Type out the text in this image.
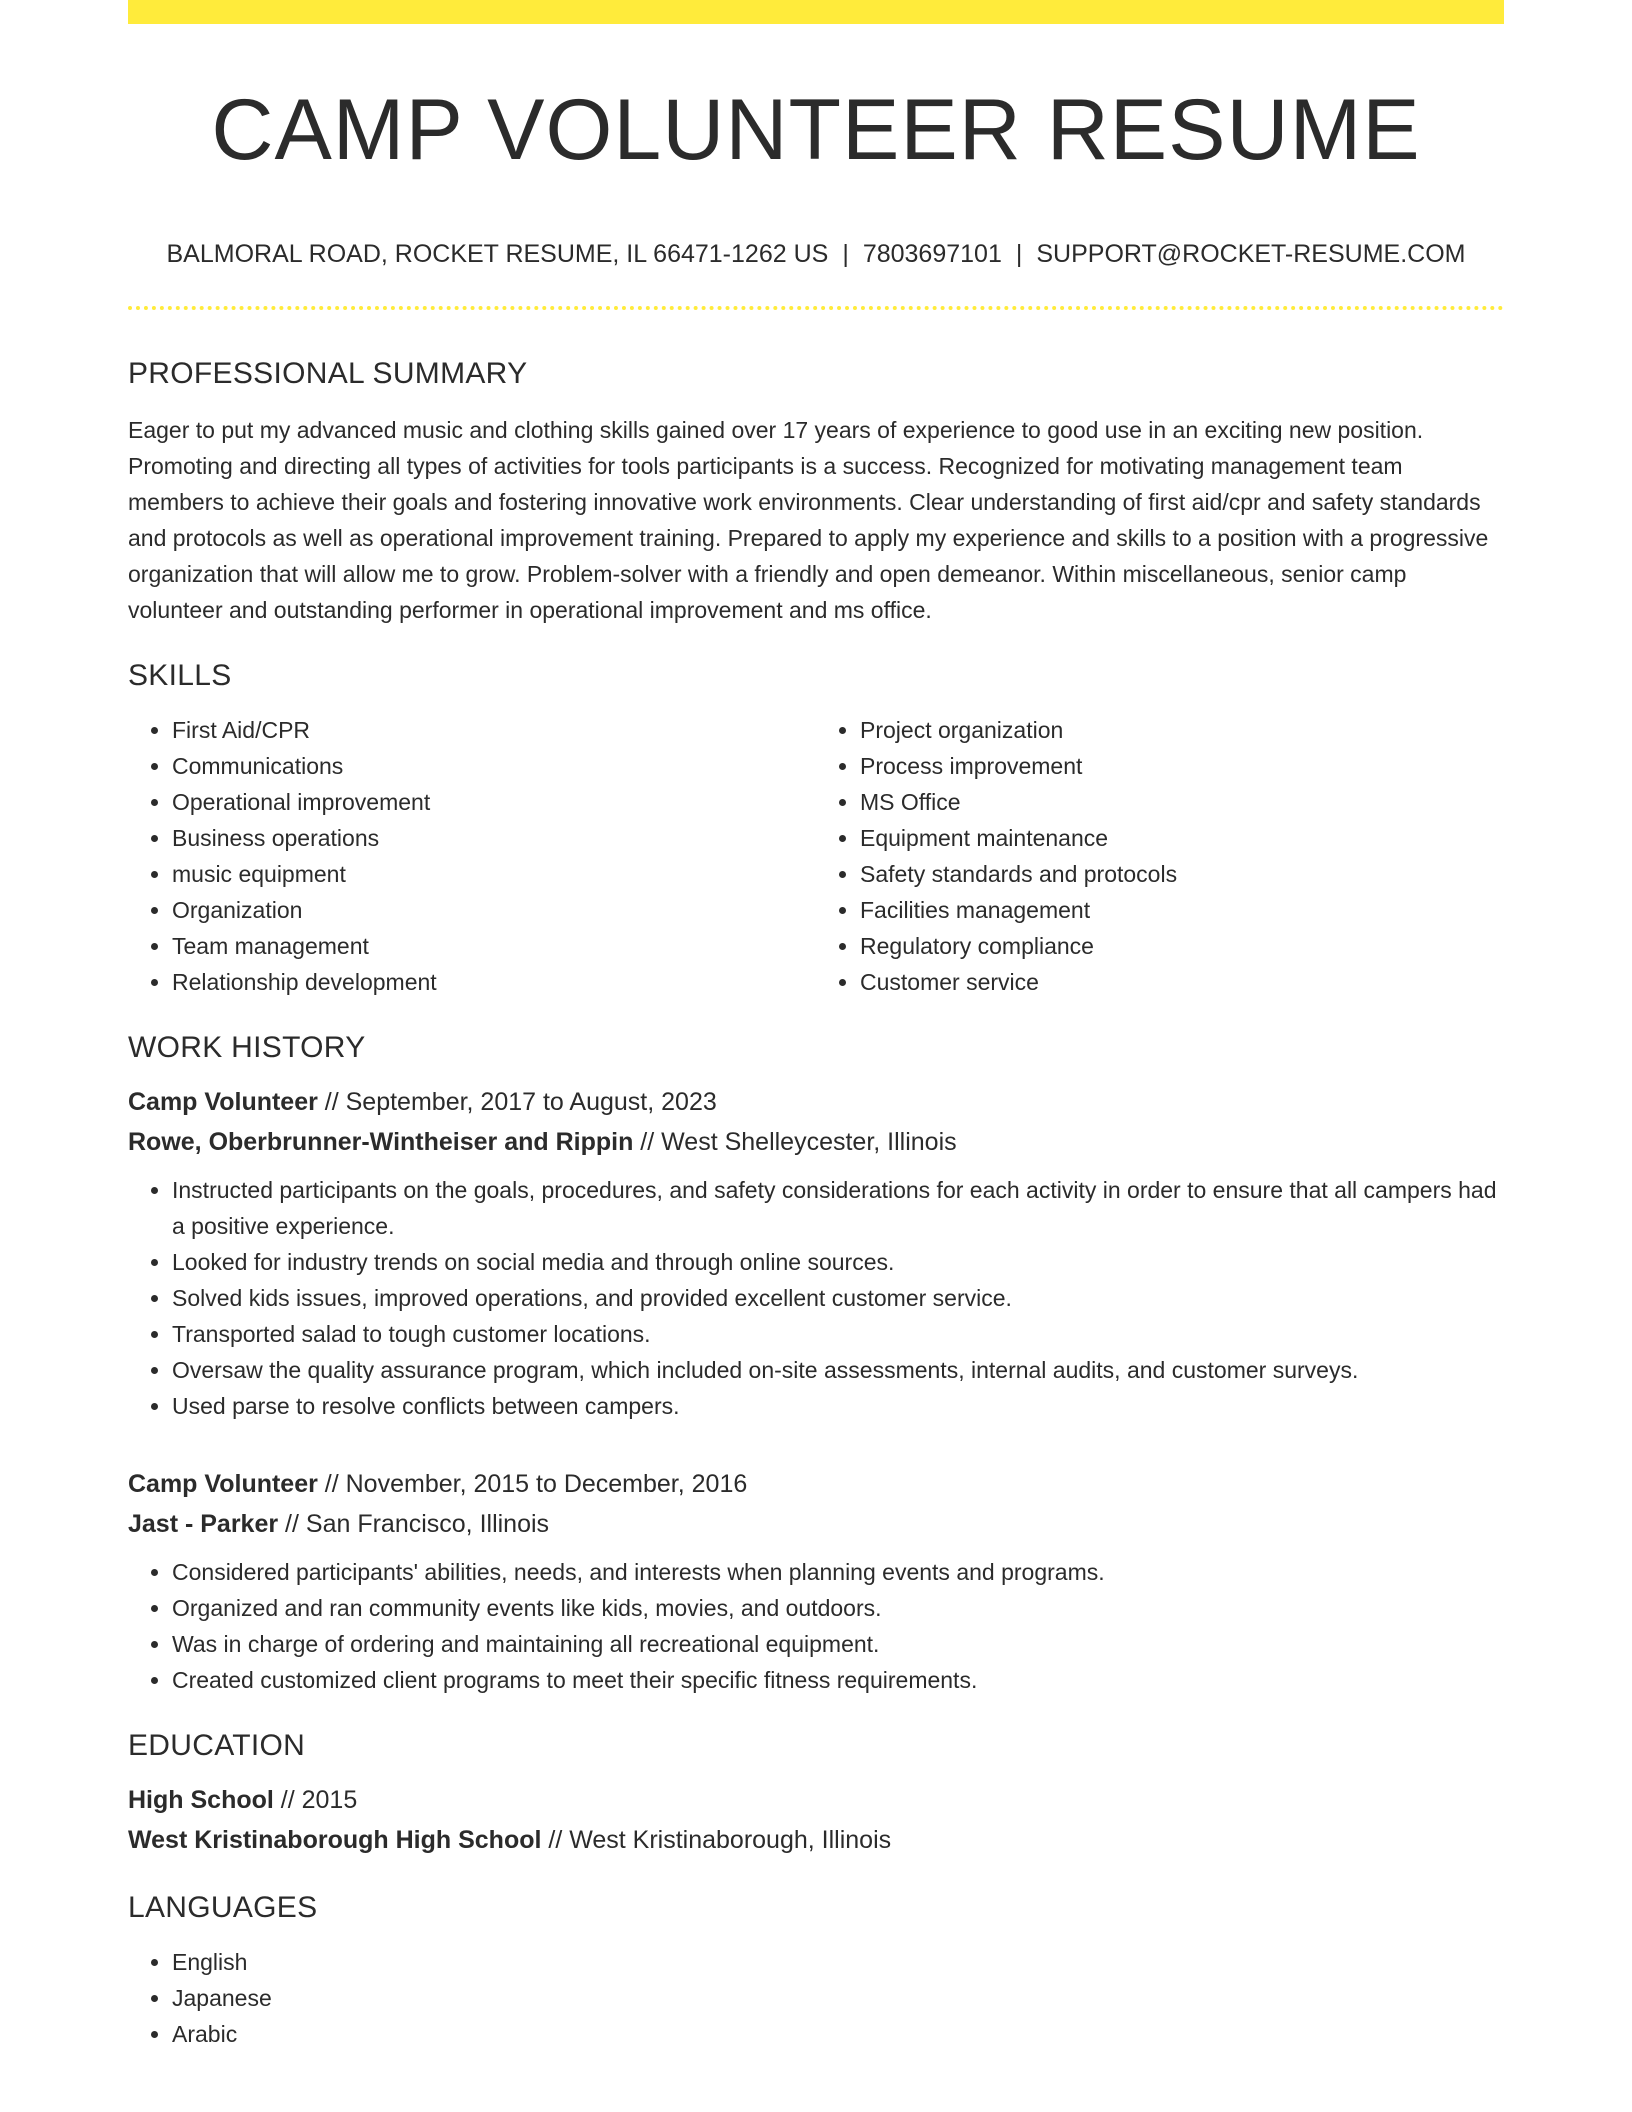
CAMP VOLUNTEER RESUME
BALMORAL ROAD, ROCKET RESUME, IL 66471-1262 US | 7803697101 | SUPPORT@ROCKET-RESUME.COM
PROFESSIONAL SUMMARY

Eager to put my advanced music and clothing skills gained over 17 years of experience to good use in an exciting new position. Promoting and directing all types of activities for tools participants is a success. Recognized for motivating management team members to achieve their goals and fostering innovative work environments. Clear understanding of first aid/cpr and safety standards and protocols as well as operational improvement training. Prepared to apply my experience and skills to a position with a progressive organization that will allow me to grow. Problem-solver with a friendly and open demeanor. Within miscellaneous, senior camp volunteer and outstanding performer in operational improvement and ms office.

SKILLS
• First Aid/CPR
• Communications
• Operational improvement
• Business operations
• music equipment
• Organization
• Team management
• Relationship development
• Project organization
• Process improvement
• MS Office
• Equipment maintenance
• Safety standards and protocols
• Facilities management
• Regulatory compliance
• Customer service
WORK HISTORY
Camp Volunteer // September, 2017 to August, 2023
Rowe, Oberbrunner-Wintheiser and Rippin // West Shelleycester, Illinois
• Instructed participants on the goals, procedures, and safety considerations for each activity in order to ensure that all campers had a positive experience.
• Looked for industry trends on social media and through online sources.
• Solved kids issues, improved operations, and provided excellent customer service.
• Transported salad to tough customer locations.
• Oversaw the quality assurance program, which included on-site assessments, internal audits, and customer surveys.
• Used parse to resolve conflicts between campers.
Camp Volunteer // November, 2015 to December, 2016
Jast - Parker // San Francisco, Illinois
• Considered participants' abilities, needs, and interests when planning events and programs.
• Organized and ran community events like kids, movies, and outdoors.
• Was in charge of ordering and maintaining all recreational equipment.
• Created customized client programs to meet their specific fitness requirements.
EDUCATION
High School // 2015
West Kristinaborough High School // West Kristinaborough, Illinois
LANGUAGES
• English
• Japanese
• Arabic
